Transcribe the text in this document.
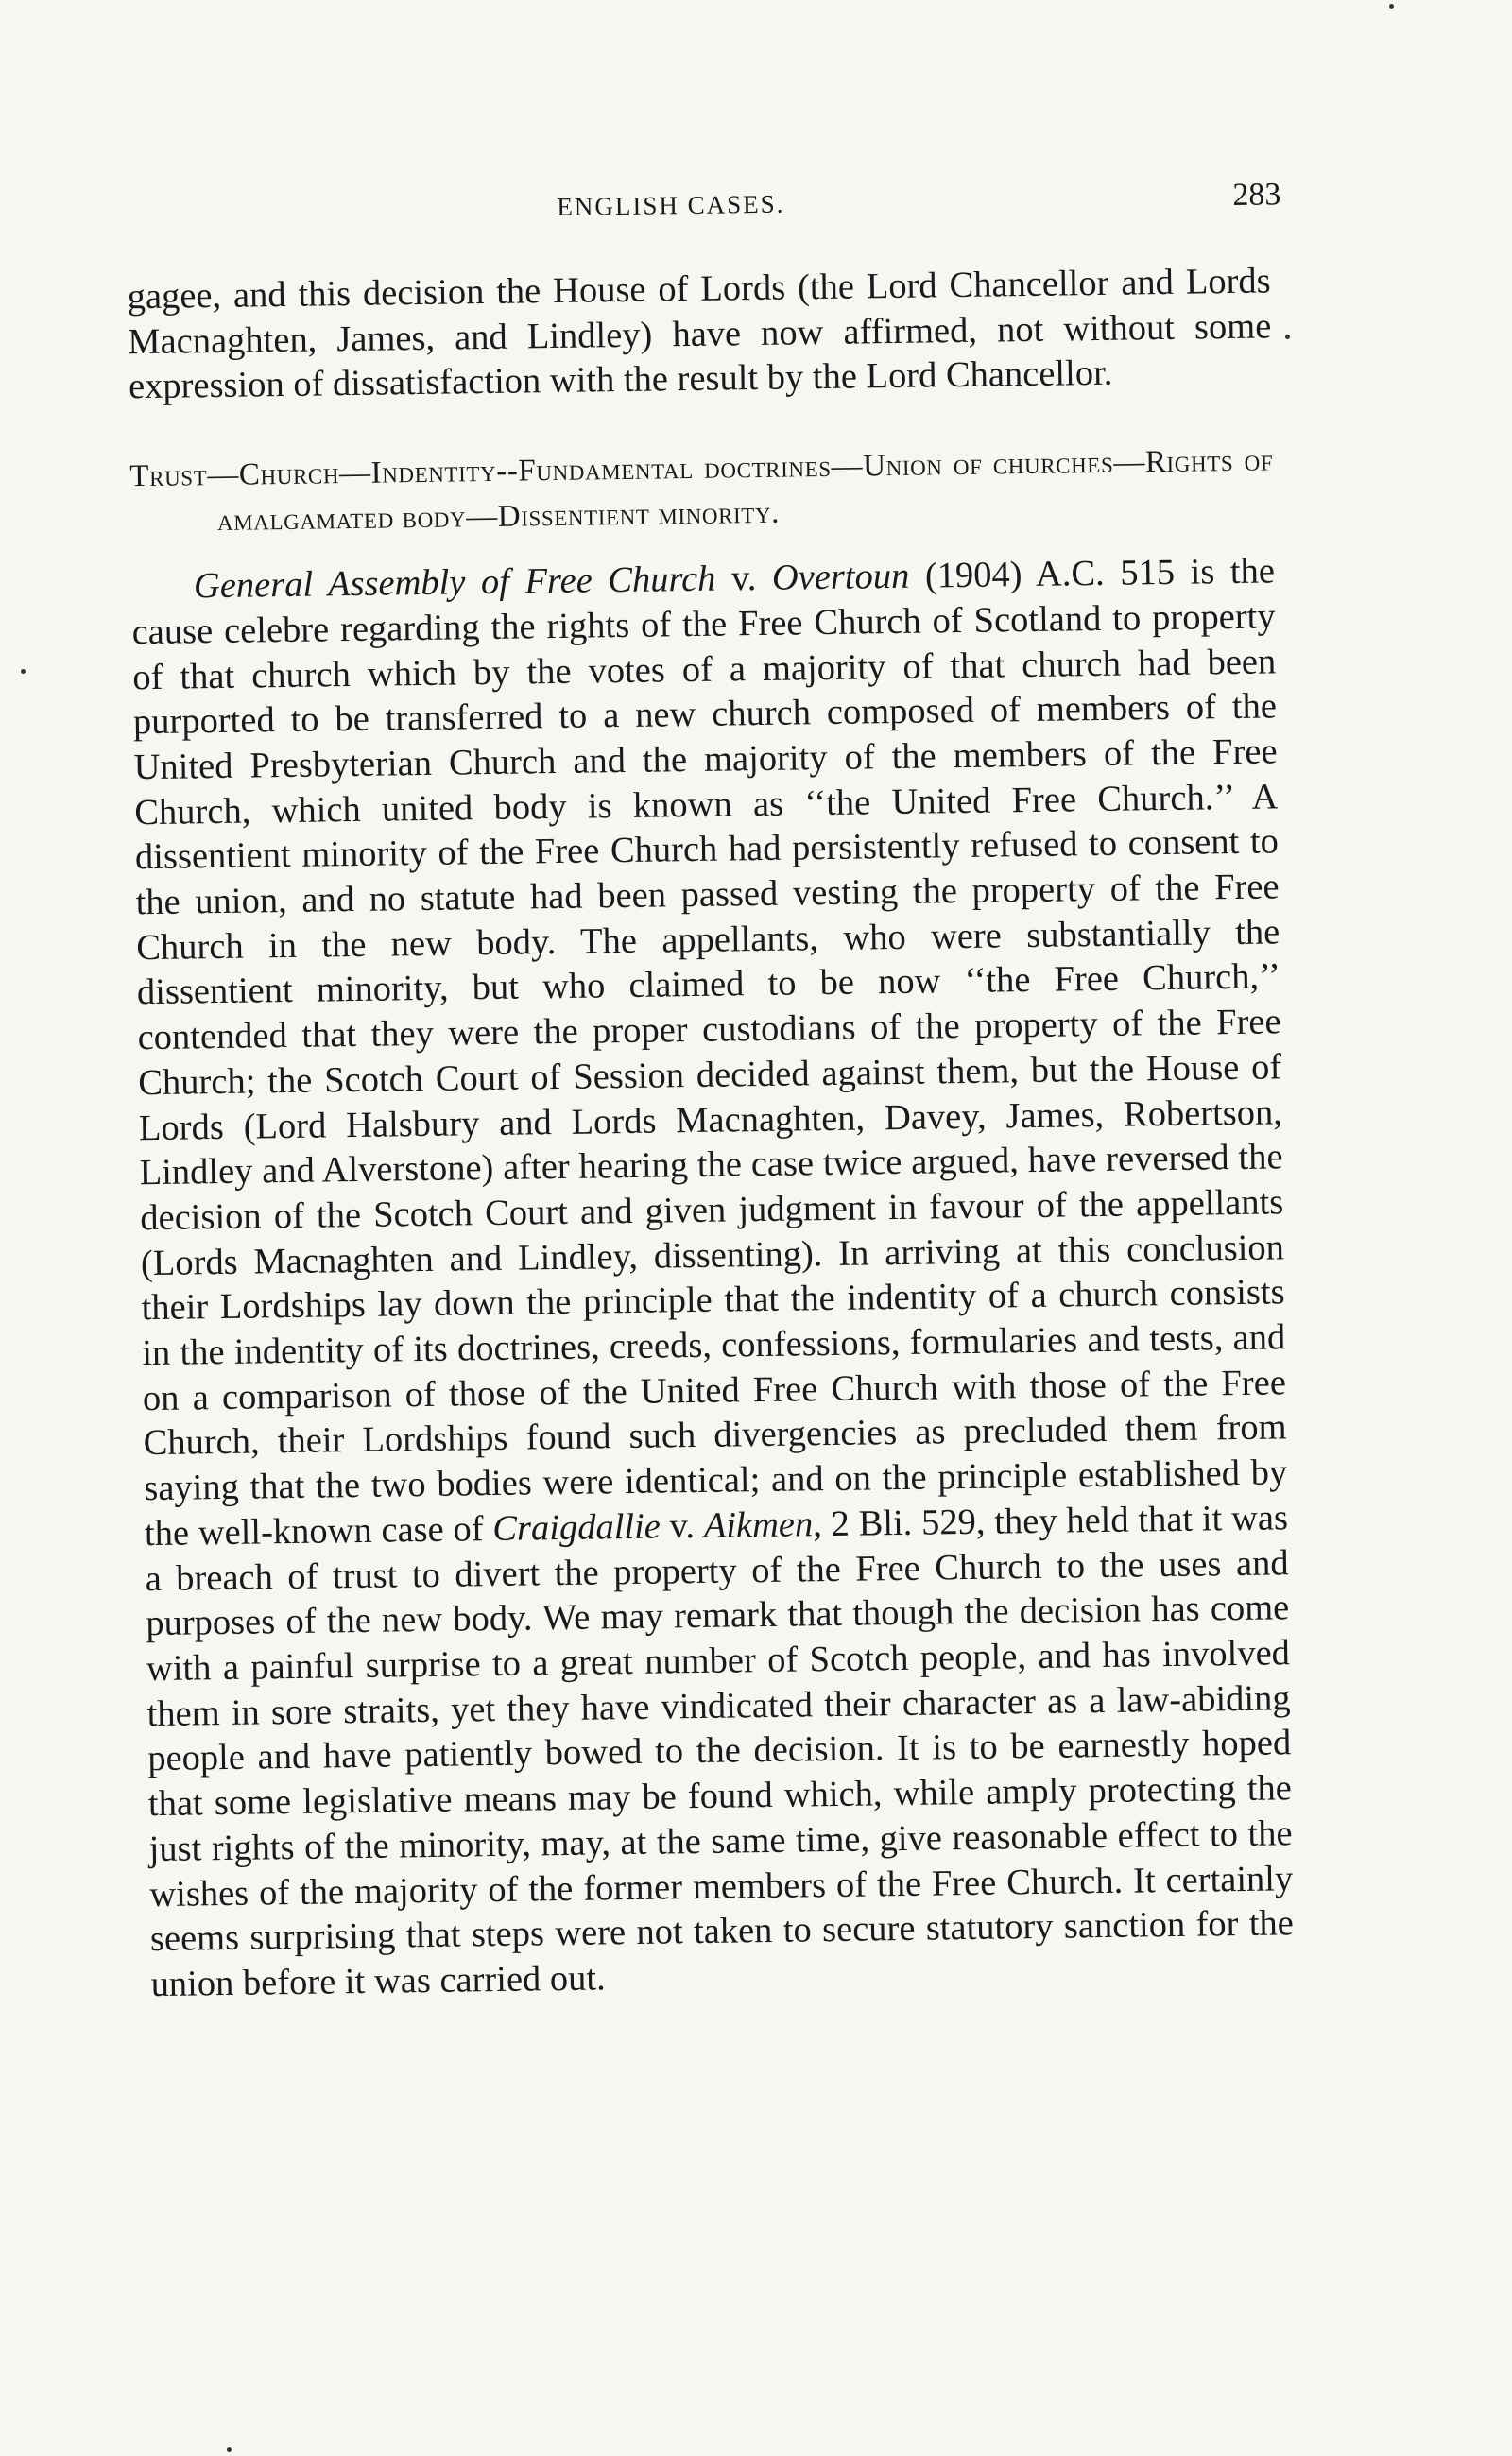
ENGLISH CASES.	283

gagee, and this decision the House of Lords (the Lord Chancellor and Lords Macnaghten, James, and Lindley) have now affirmed, not without some expression of dissatisfaction with the result by the Lord Chancellor.

Trust—Church—Indentity--Fundamental doctrines—Union of churches—Rights of amalgamated body—Dissentient minority.

General Assembly of Free Church v. Overtoun (1904) A.C. 515 is the cause celebre regarding the rights of the Free Church of Scotland to property of that church which by the votes of a majority of that church had been purported to be transferred to a new church composed of members of the United Presbyterian Church and the majority of the members of the Free Church, which united body is known as ‘‘the United Free Church.’’ A dissentient minority of the Free Church had persistently refused to consent to the union, and no statute had been passed vesting the property of the Free Church in the new body. The appellants, who were substantially the dissentient minority, but who claimed to be now ‘‘the Free Church,’’ contended that they were the proper custodians of the property of the Free Church; the Scotch Court of Session decided against them, but the House of Lords (Lord Halsbury and Lords Macnaghten, Davey, James, Robertson, Lindley and Alverstone) after hearing the case twice argued, have reversed the decision of the Scotch Court and given judgment in favour of the appellants (Lords Macnaghten and Lindley, dissenting). In arriving at this conclusion their Lordships lay down the principle that the indentity of a church consists in the indentity of its doctrines, creeds, confessions, formularies and tests, and on a comparison of those of the United Free Church with those of the Free Church, their Lordships found such divergencies as precluded them from saying that the two bodies were identical; and on the principle established by the well-known case of Craigdallie v. Aikmen, 2 Bli. 529, they held that it was a breach of trust to divert the property of the Free Church to the uses and purposes of the new body. We may remark that though the decision has come with a painful surprise to a great number of Scotch people, and has involved them in sore straits, yet they have vindicated their character as a law-abiding people and have patiently bowed to the decision. It is to be earnestly hoped that some legislative means may be found which, while amply protecting the just rights of the minority, may, at the same time, give reasonable effect to the wishes of the majority of the former members of the Free Church. It certainly seems surprising that steps were not taken to secure statutory sanction for the union before it was carried out.
